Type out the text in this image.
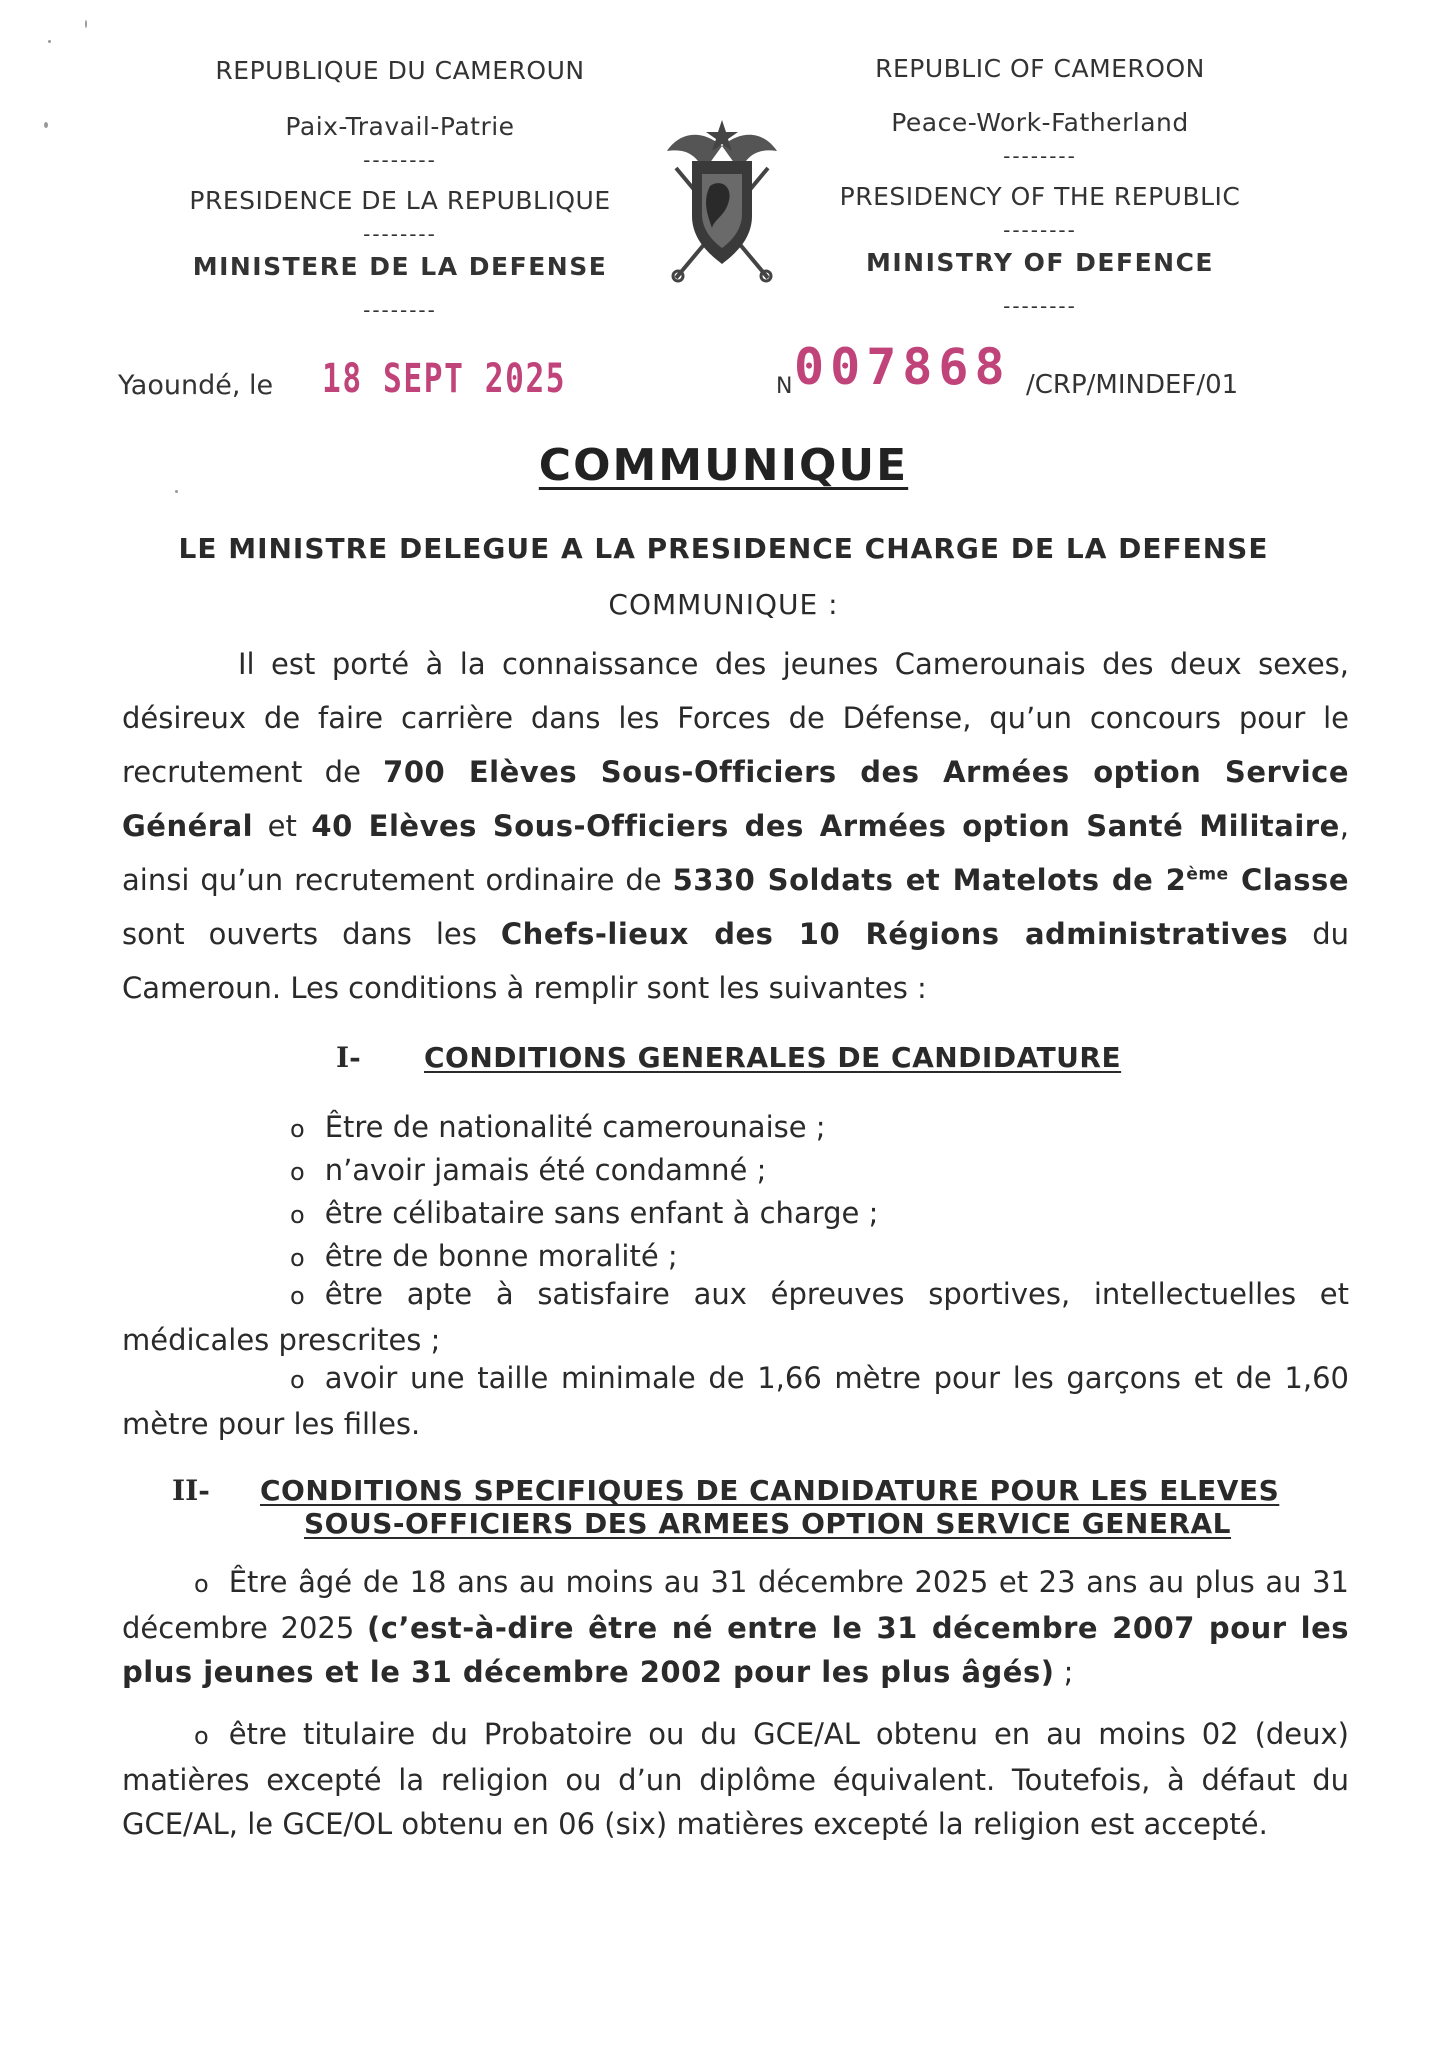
REPUBLIQUE DU CAMEROUN
Paix-Travail-Patrie
--------
PRESIDENCE DE LA REPUBLIQUE
--------
MINISTERE DE LA DEFENSE
--------
REPUBLIC OF CAMEROON
Peace-Work-Fatherland
--------
PRESIDENCY OF THE REPUBLIC
--------
MINISTRY OF DEFENCE
--------
Yaoundé, le 18 SEPT 2025	N 007868 /CRP/MINDEF/01
COMMUNIQUE
LE MINISTRE DELEGUE A LA PRESIDENCE CHARGE DE LA DEFENSE
COMMUNIQUE :
Il est porté à la connaissance des jeunes Camerounais des deux sexes, désireux de faire carrière dans les Forces de Défense, qu’un concours pour le recrutement de 700 Elèves Sous-Officiers des Armées option Service Général et 40 Elèves Sous-Officiers des Armées option Santé Militaire, ainsi qu’un recrutement ordinaire de 5330 Soldats et Matelots de 2ème Classe sont ouverts dans les Chefs-lieux des 10 Régions administratives du Cameroun. Les conditions à remplir sont les suivantes :
I- CONDITIONS GENERALES DE CANDIDATURE
o Être de nationalité camerounaise ;
o n’avoir jamais été condamné ;
o être célibataire sans enfant à charge ;
o être de bonne moralité ;
o être apte à satisfaire aux épreuves sportives, intellectuelles et médicales prescrites ;
o avoir une taille minimale de 1,66 mètre pour les garçons et de 1,60 mètre pour les filles.
II- CONDITIONS SPECIFIQUES DE CANDIDATURE POUR LES ELEVES
SOUS-OFFICIERS DES ARMEES OPTION SERVICE GENERAL
o Être âgé de 18 ans au moins au 31 décembre 2025 et 23 ans au plus au 31 décembre 2025 (c’est-à-dire être né entre le 31 décembre 2007 pour les plus jeunes et le 31 décembre 2002 pour les plus âgés) ;
o être titulaire du Probatoire ou du GCE/AL obtenu en au moins 02 (deux) matières excepté la religion ou d’un diplôme équivalent. Toutefois, à défaut du GCE/AL, le GCE/OL obtenu en 06 (six) matières excepté la religion est accepté.
